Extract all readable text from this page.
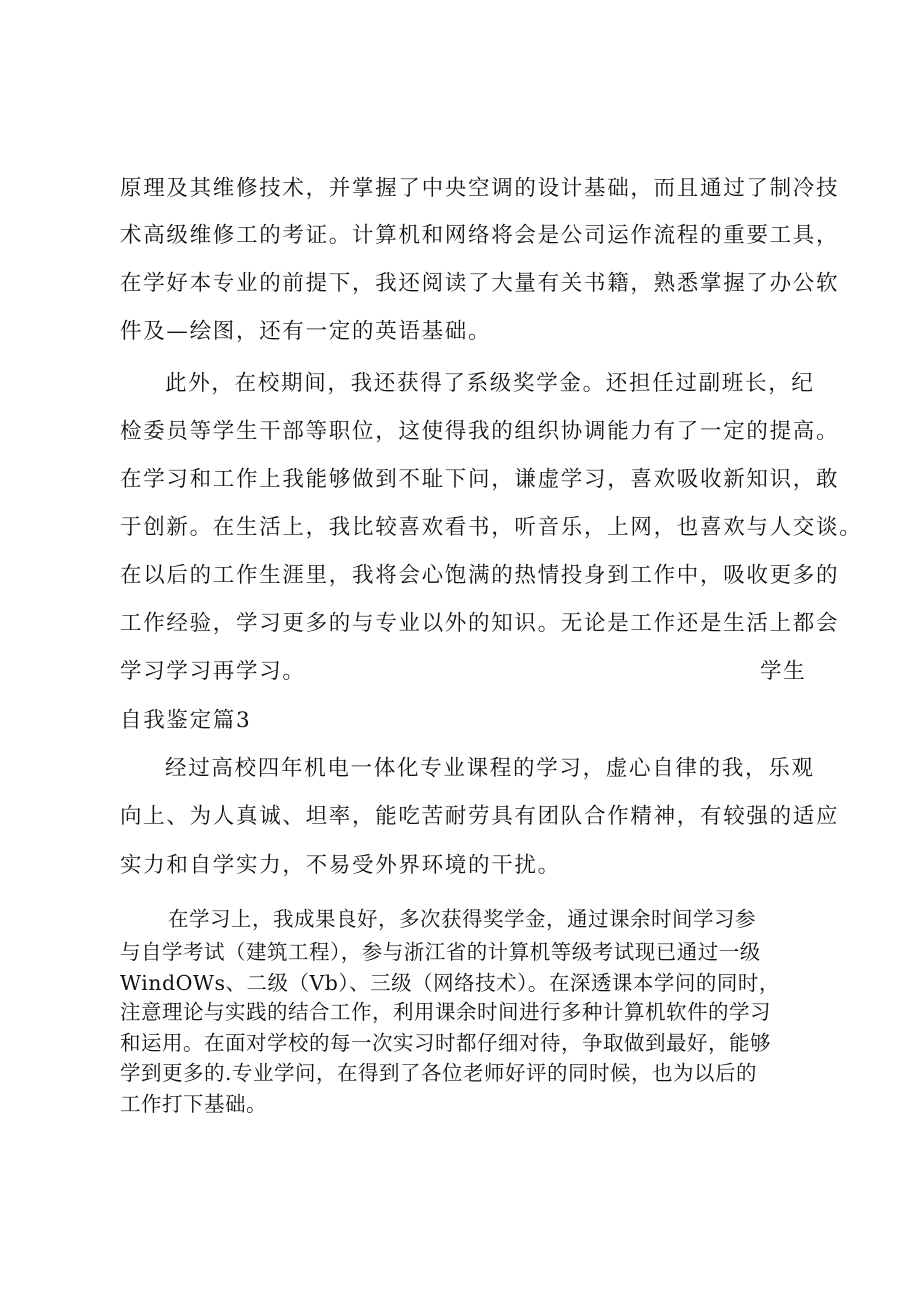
原理及其维修技术，并掌握了中央空调的设计基础，而且通过了制冷技
术高级维修工的考证。计算机和网络将会是公司运作流程的重要工具，
在学好本专业的前提下，我还阅读了大量有关书籍，熟悉掌握了办公软
件及—绘图，还有一定的英语基础。
此外，在校期间，我还获得了系级奖学金。还担任过副班长，纪
检委员等学生干部等职位，这使得我的组织协调能力有了一定的提高。
在学习和工作上我能够做到不耻下问，谦虚学习，喜欢吸收新知识，敢
于创新。在生活上，我比较喜欢看书，听音乐，上网，也喜欢与人交谈。
在以后的工作生涯里，我将会心饱满的热情投身到工作中，吸收更多的
工作经验，学习更多的与专业以外的知识。无论是工作还是生活上都会
学习学习再学习。	学生
自我鉴定篇3
经过高校四年机电一体化专业课程的学习，虚心自律的我，乐观
向上、为人真诚、坦率，能吃苦耐劳具有团队合作精神，有较强的适应
实力和自学实力，不易受外界环境的干扰。
在学习上，我成果良好，多次获得奖学金，通过课余时间学习参
与自学考试（建筑工程），参与浙江省的计算机等级考试现已通过一级
WindOWs、二级（Vb）、三级（网络技术）。在深透课本学问的同时，
注意理论与实践的结合工作，利用课余时间进行多种计算机软件的学习
和运用。在面对学校的每一次实习时都仔细对待，争取做到最好，能够
学到更多的.专业学问，在得到了各位老师好评的同时候，也为以后的
工作打下基础。
